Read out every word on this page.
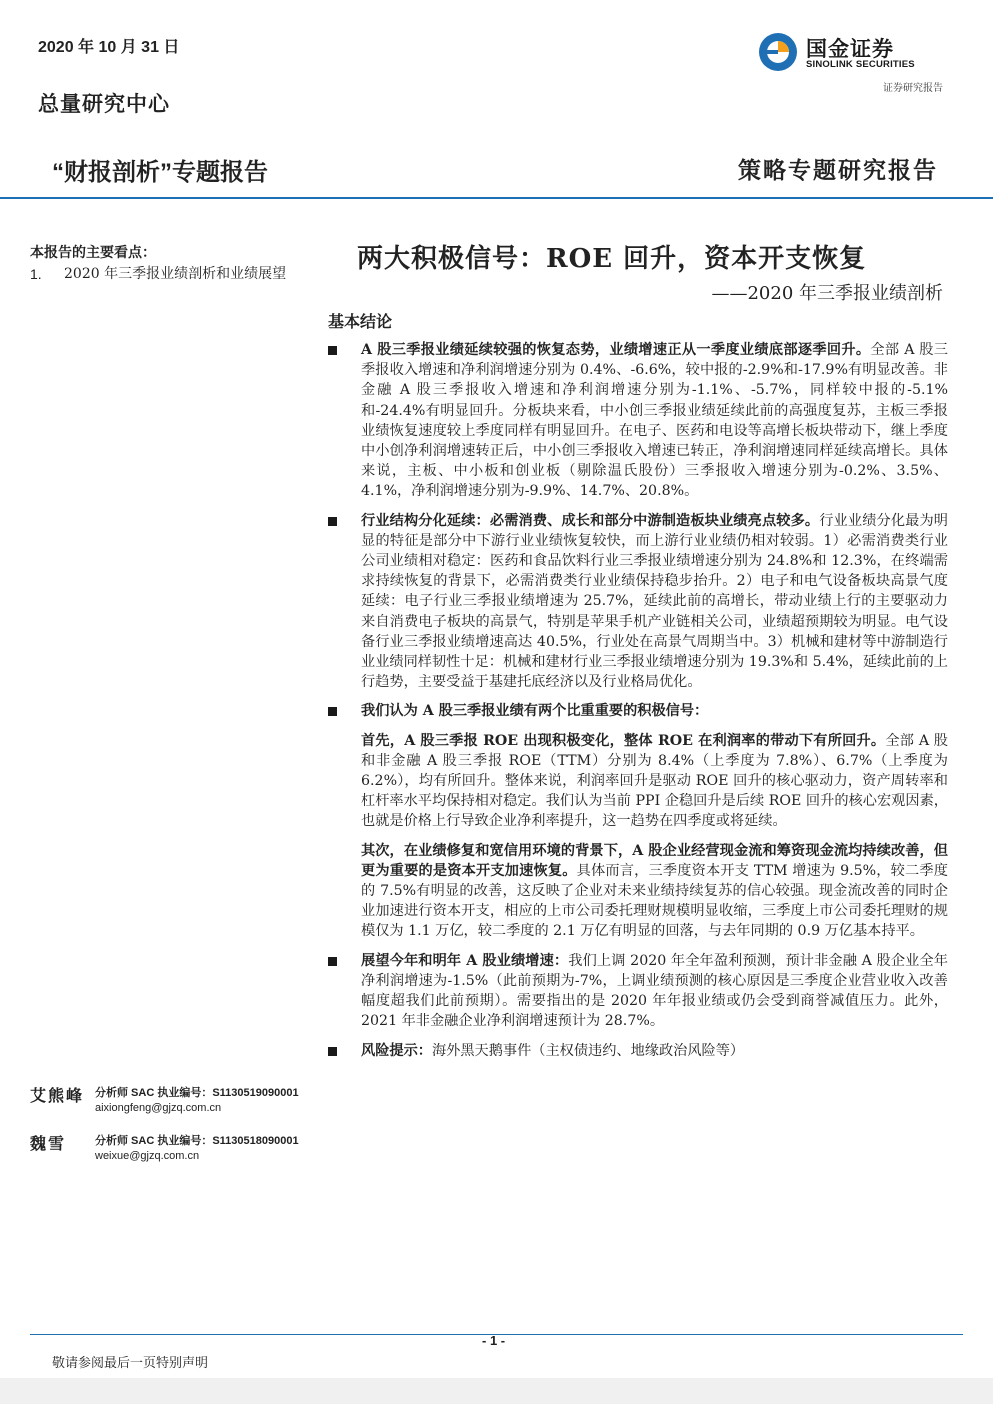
2020 年 10 月 31 日
总量研究中心
“财报剖析”专题报告	策略专题研究报告
国金证券
SINOLINK SECURITIES
证券研究报告
本报告的主要看点：
1. 2020 年三季报业绩剖析和业绩展望
艾熊峰 分析师 SAC 执业编号：S1130519090001
aixiongfeng@gjzq.com.cn
魏雪	分析师 SAC 执业编号：S1130518090001
weixue@gjzq.com.cn
两大积极信号：ROE 回升，资本开支恢复
——2020 年三季报业绩剖析
基本结论
A 股三季报业绩延续较强的恢复态势，业绩增速正从一季度业绩底部逐季回升。全部 A 股三季报收入增速和净利润增速分别为 0.4%、-6.6%，较中报的-2.9%和-17.9%有明显改善。非金融 A 股三季报收入增速和净利润增速分别为-1.1%、-5.7%，同样较中报的-5.1%和-24.4%有明显回升。分板块来看，中小创三季报业绩延续此前的高强度复苏，主板三季报业绩恢复速度较上季度同样有明显回升。在电子、医药和电设等高增长板块带动下，继上季度中小创净利润增速转正后，中小创三季报收入增速已转正，净利润增速同样延续高增长。具体来说，主板、中小板和创业板（剔除温氏股份）三季报收入增速分别为-0.2%、3.5%、4.1%，净利润增速分别为-9.9%、14.7%、20.8%。
行业结构分化延续：必需消费、成长和部分中游制造板块业绩亮点较多。行业业绩分化最为明显的特征是部分中下游行业业绩恢复较快，而上游行业业绩仍相对较弱。1）必需消费类行业公司业绩相对稳定：医药和食品饮料行业三季报业绩增速分别为 24.8%和 12.3%，在终端需求持续恢复的背景下，必需消费类行业业绩保持稳步抬升。2）电子和电气设备板块高景气度延续：电子行业三季报业绩增速为 25.7%，延续此前的高增长，带动业绩上行的主要驱动力来自消费电子板块的高景气，特别是苹果手机产业链相关公司，业绩超预期较为明显。电气设备行业三季报业绩增速高达 40.5%，行业处在高景气周期当中。3）机械和建材等中游制造行业业绩同样韧性十足：机械和建材行业三季报业绩增速分别为 19.3%和 5.4%，延续此前的上行趋势，主要受益于基建托底经济以及行业格局优化。
我们认为 A 股三季报业绩有两个比重重要的积极信号：
首先，A 股三季报 ROE 出现积极变化，整体 ROE 在利润率的带动下有所回升。全部 A 股和非金融 A 股三季报 ROE（TTM）分别为 8.4%（上季度为 7.8%）、6.7%（上季度为 6.2%），均有所回升。整体来说，利润率回升是驱动 ROE 回升的核心驱动力，资产周转率和杠杆率水平均保持相对稳定。我们认为当前 PPI 企稳回升是后续 ROE 回升的核心宏观因素，也就是价格上行导致企业净利率提升，这一趋势在四季度或将延续。
其次，在业绩修复和宽信用环境的背景下，A 股企业经营现金流和筹资现金流均持续改善，但更为重要的是资本开支加速恢复。具体而言，三季度资本开支 TTM 增速为 9.5%，较二季度的 7.5%有明显的改善，这反映了企业对未来业绩持续复苏的信心较强。现金流改善的同时企业加速进行资本开支，相应的上市公司委托理财规模明显收缩，三季度上市公司委托理财的规模仅为 1.1 万亿，较二季度的 2.1 万亿有明显的回落，与去年同期的 0.9 万亿基本持平。
展望今年和明年 A 股业绩增速：我们上调 2020 年全年盈利预测，预计非金融 A 股企业全年净利润增速为-1.5%（此前预期为-7%，上调业绩预测的核心原因是三季度企业营业收入改善幅度超我们此前预期）。需要指出的是 2020 年年报业绩或仍会受到商誉减值压力。此外，2021 年非金融企业净利润增速预计为 28.7%。
风险提示：海外黑天鹅事件（主权债违约、地缘政治风险等）
- 1 -
敬请参阅最后一页特别声明
